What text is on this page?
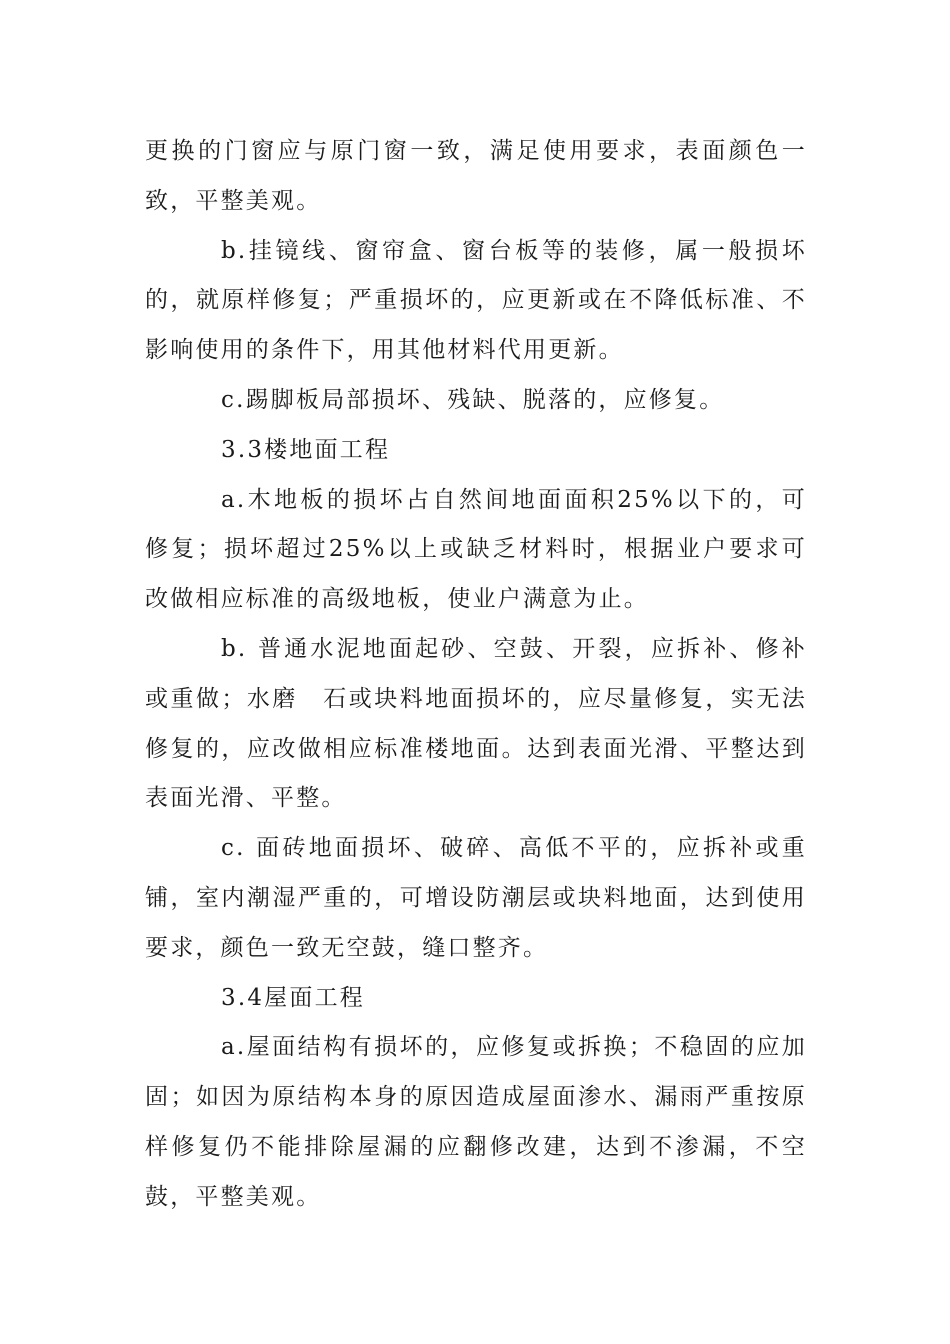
更换的门窗应与原门窗一致，满足使用要求，表面颜色一致，平整美观。

b.挂镜线、窗帘盒、窗台板等的装修，属一般损坏的，就原样修复；严重损坏的，应更新或在不降低标准、不影响使用的条件下，用其他材料代用更新。

c.踢脚板局部损坏、残缺、脱落的，应修复。

3.3楼地面工程

a.木地板的损坏占自然间地面面积25%以下的，可修复；损坏超过25%以上或缺乏材料时，根据业户要求可改做相应标准的高级地板，使业户满意为止。

b. 普通水泥地面起砂、空鼓、开裂，应拆补、修补或重做；水磨　石或块料地面损坏的，应尽量修复，实无法修复的，应改做相应标准楼地面。达到表面光滑、平整达到表面光滑、平整。

c. 面砖地面损坏、破碎、高低不平的，应拆补或重铺，室内潮湿严重的，可增设防潮层或块料地面，达到使用要求，颜色一致无空鼓，缝口整齐。

3.4屋面工程

a.屋面结构有损坏的，应修复或拆换；不稳固的应加固；如因为原结构本身的原因造成屋面渗水、漏雨严重按原样修复仍不能排除屋漏的应翻修改建，达到不渗漏，不空鼓，平整美观。
